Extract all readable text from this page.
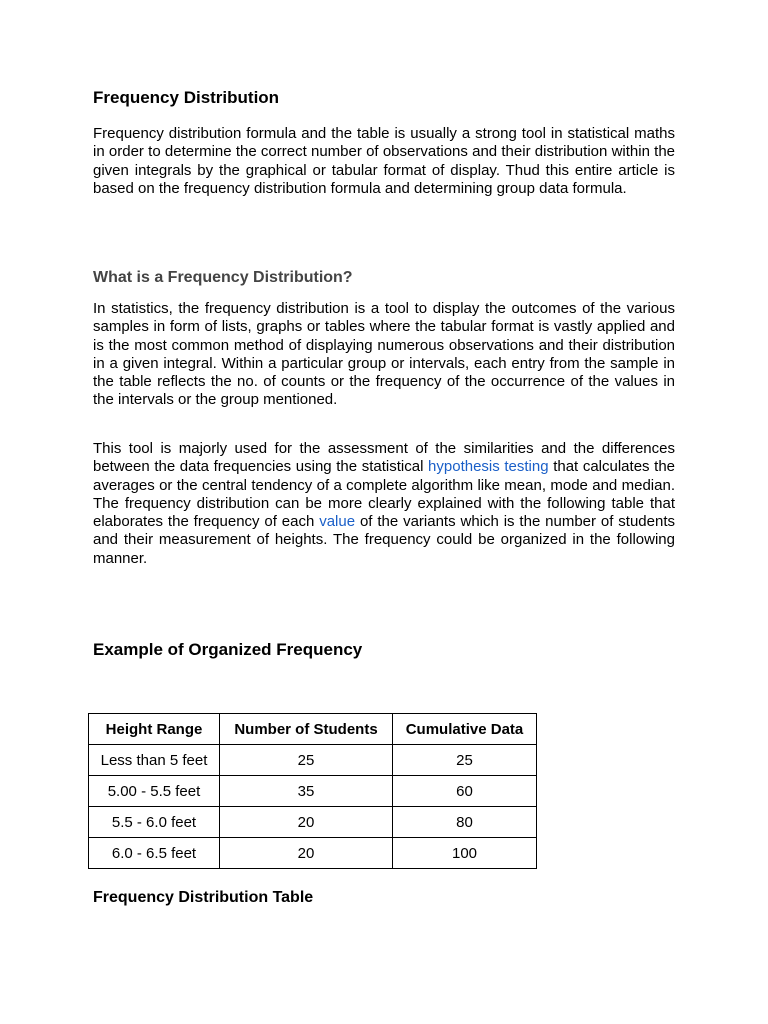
Frequency Distribution

Frequency distribution formula and the table is usually a strong tool in statistical maths in order to determine the correct number of observations and their distribution within the given integrals by the graphical or tabular format of display. Thud this entire article is based on the frequency distribution formula and determining group data formula.

What is a Frequency Distribution?

In statistics, the frequency distribution is a tool to display the outcomes of the various samples in form of lists, graphs or tables where the tabular format is vastly applied and is the most common method of displaying numerous observations and their distribution in a given integral. Within a particular group or intervals, each entry from the sample in the table reflects the no. of counts or the frequency of the occurrence of the values in the intervals or the group mentioned.

This tool is majorly used for the assessment of the similarities and the differences between the data frequencies using the statistical hypothesis testing that calculates the averages or the central tendency of a complete algorithm like mean, mode and median. The frequency distribution can be more clearly explained with the following table that elaborates the frequency of each value of the variants which is the number of students and their measurement of heights. The frequency could be organized in the following manner.

Example of Organized Frequency
Height Range	Number of Students	Cumulative Data
Less than 5 feet	25	25
5.00 - 5.5 feet	35	60
5.5 - 6.0 feet	20	80
6.0 - 6.5 feet	20	100
Frequency Distribution Table
